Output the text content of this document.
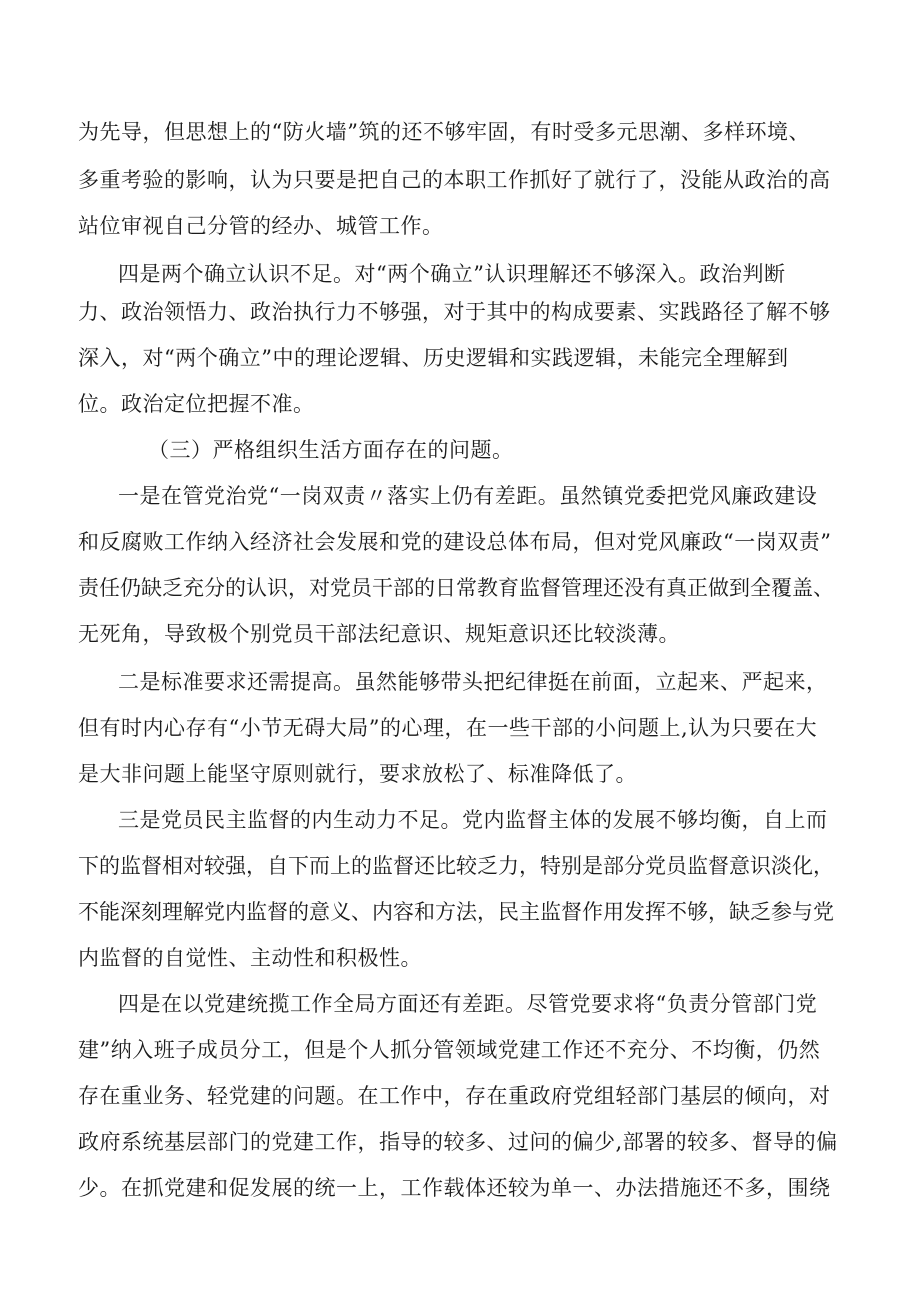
为先导，但思想上的“防火墙”筑的还不够牢固，有时受多元思潮、多样环境、
多重考验的影响，认为只要是把自己的本职工作抓好了就行了，没能从政治的高
站位审视自己分管的经办、城管工作。
四是两个确立认识不足。对“两个确立”认识理解还不够深入。政治判断
力、政治领悟力、政治执行力不够强，对于其中的构成要素、实践路径了解不够
深入，对“两个确立”中的理论逻辑、历史逻辑和实践逻辑，未能完全理解到
位。政治定位把握不准。
（三）严格组织生活方面存在的问题。
一是在管党治党“一岗双责〃落实上仍有差距。虽然镇党委把党风廉政建设
和反腐败工作纳入经济社会发展和党的建设总体布局，但对党风廉政“一岗双责”
责任仍缺乏充分的认识，对党员干部的日常教育监督管理还没有真正做到全覆盖、
无死角，导致极个别党员干部法纪意识、规矩意识还比较淡薄。
二是标准要求还需提高。虽然能够带头把纪律挺在前面，立起来、严起来，
但有时内心存有“小节无碍大局”的心理，在一些干部的小问题上,认为只要在大
是大非问题上能坚守原则就行，要求放松了、标准降低了。
三是党员民主监督的内生动力不足。党内监督主体的发展不够均衡，自上而
下的监督相对较强，自下而上的监督还比较乏力，特别是部分党员监督意识淡化，
不能深刻理解党内监督的意义、内容和方法，民主监督作用发挥不够，缺乏参与党
内监督的自觉性、主动性和积极性。
四是在以党建统揽工作全局方面还有差距。尽管党要求将“负责分管部门党
建”纳入班子成员分工，但是个人抓分管领域党建工作还不充分、不均衡，仍然
存在重业务、轻党建的问题。在工作中，存在重政府党组轻部门基层的倾向，对
政府系统基层部门的党建工作，指导的较多、过问的偏少,部署的较多、督导的偏
少。在抓党建和促发展的统一上，工作载体还较为单一、办法措施还不多，围绕
